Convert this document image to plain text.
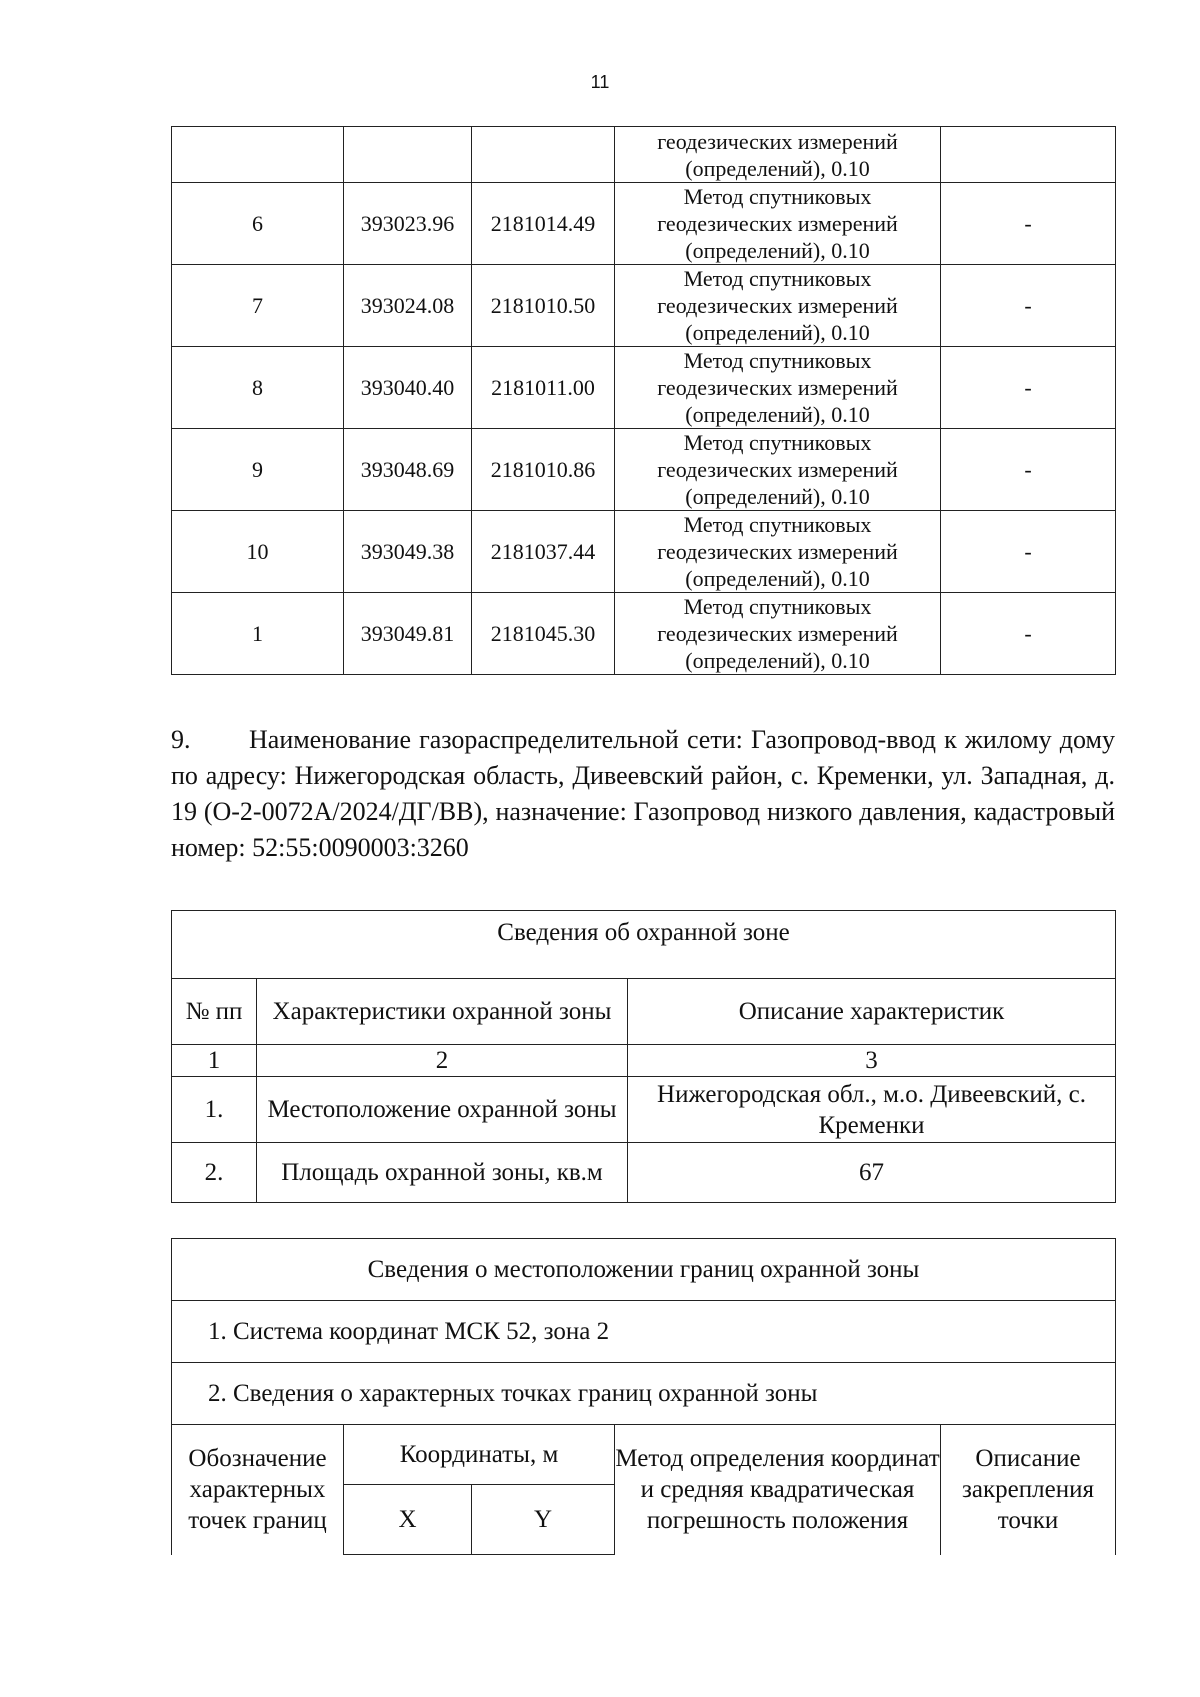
11

			геодезических измерений
(определений), 0.10	

6	393023.96	2181014.49	Метод спутниковых
геодезических измерений
(определений), 0.10	-
7	393024.08	2181010.50	Метод спутниковых
геодезических измерений
(определений), 0.10	-
8	393040.40	2181011.00	Метод спутниковых
геодезических измерений
(определений), 0.10	-
9	393048.69	2181010.86	Метод спутниковых
геодезических измерений
(определений), 0.10	-
10	393049.38	2181037.44	Метод спутниковых
геодезических измерений
(определений), 0.10	-
1	393049.81	2181045.30	Метод спутниковых
геодезических измерений
(определений), 0.10	-

9. Наименование газораспределительной сети: Газопровод-ввод к жилому дому по адресу: Нижегородская область, Дивеевский район, с. Кременки, ул. Западная, д. 19 (О-2-0072А/2024/ДГ/ВВ), назначение: Газопровод низкого давления, кадастровый номер: 52:55:0090003:3260

Сведения об охранной зоне		
№ пп	Характеристики охранной зоны	Описание характеристик
1	2	3
1.	Местоположение охранной зоны	Нижегородская обл., м.о. Дивеевский, с. Кременки
2.	Площадь охранной зоны, кв.м	67
Сведения о местоположении границ охранной зоны				
1. Система координат МСК 52, зона 2				
2. Сведения о характерных точках границ охранной зоны				
Обозначение характерных точек границ	Координаты, м		Метод определения координат и средняя квадратическая погрешность положения	Описание закрепления точки
	X	Y		
